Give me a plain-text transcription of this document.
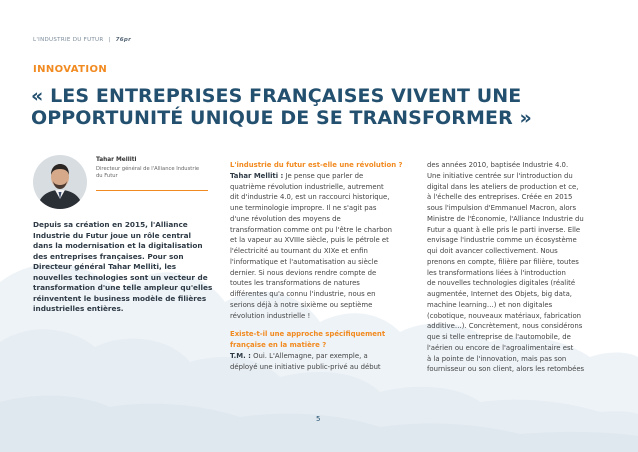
L'INDUSTRIE DU FUTUR | 76pr
INNOVATION
« LES ENTREPRISES FRANÇAISES VIVENT UNE
OPPORTUNITÉ UNIQUE DE SE TRANSFORMER »
Tahar Melliti
Directeur général de l'Alliance Industrie
du Futur
Depuis sa création en 2015, l'Alliance
Industrie du Futur joue un rôle central
dans la modernisation et la digitalisation
des entreprises françaises. Pour son
Directeur général Tahar Melliti, les
nouvelles technologies sont un vecteur de
transformation d'une telle ampleur qu'elles
réinventent le business modèle de filières
industrielles entières.
L'industrie du futur est-elle une révolution ?
Tahar Melliti : Je pense que parler de
quatrième révolution industrielle, autrement
dit d'industrie 4.0, est un raccourci historique,
une terminologie impropre. Il ne s'agit pas
d'une révolution des moyens de
transformation comme ont pu l'être le charbon
et la vapeur au XVIIIe siècle, puis le pétrole et
l'électricité au tournant du XIXe et enfin
l'informatique et l'automatisation au siècle
dernier. Si nous devions rendre compte de
toutes les transformations de natures
différentes qu'a connu l'industrie, nous en
serions déjà à notre sixième ou septième
révolution industrielle !
Existe-t-il une approche spécifiquement
française en la matière ?
T.M. : Oui. L'Allemagne, par exemple, a
déployé une initiative public-privé au début
des années 2010, baptisée Industrie 4.0.
Une initiative centrée sur l'introduction du
digital dans les ateliers de production et ce,
à l'échelle des entreprises. Créée en 2015
sous l'impulsion d'Emmanuel Macron, alors
Ministre de l'Économie, l'Alliance Industrie du
Futur a quant à elle pris le parti inverse. Elle
envisage l'industrie comme un écosystème
qui doit avancer collectivement. Nous
prenons en compte, filière par filière, toutes
les transformations liées à l'introduction
de nouvelles technologies digitales (réalité
augmentée, Internet des Objets, big data,
machine learning…) et non digitales
(cobotique, nouveaux matériaux, fabrication
additive…). Concrètement, nous considérons
que si telle entreprise de l'automobile, de
l'aérien ou encore de l'agroalimentaire est
à la pointe de l'innovation, mais pas son
fournisseur ou son client, alors les retombées
5
